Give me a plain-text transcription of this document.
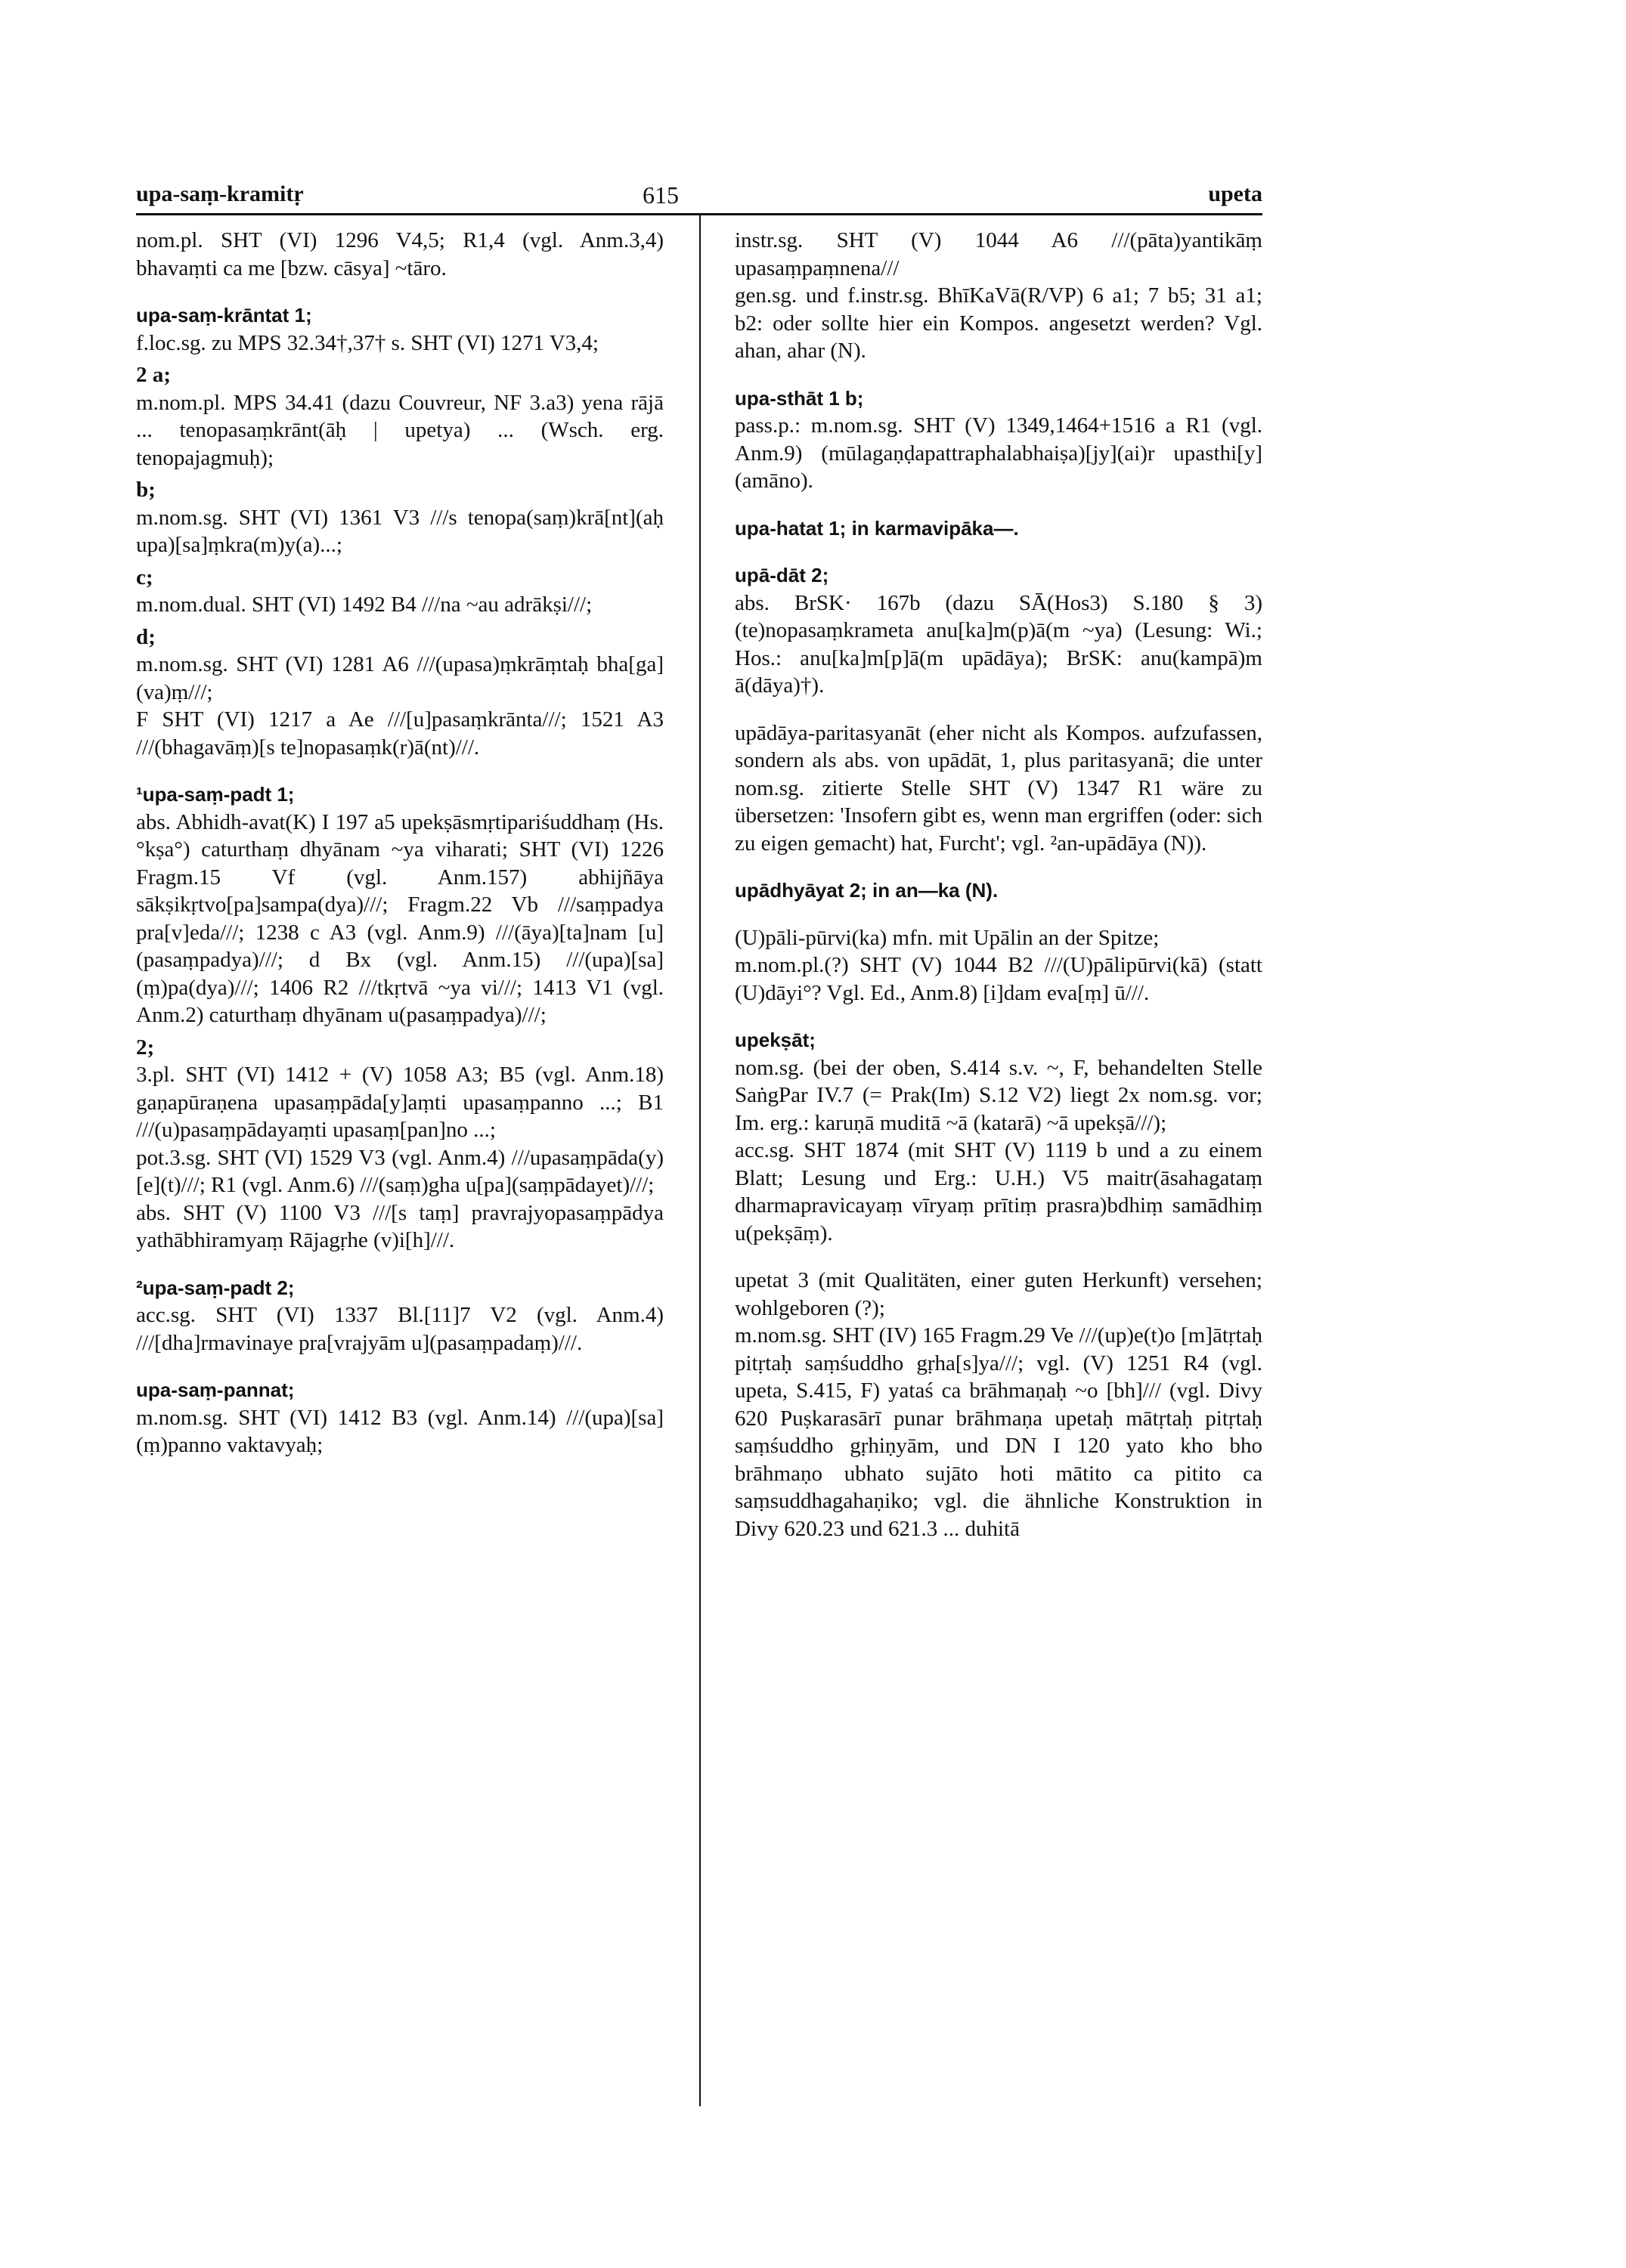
upa-saṃ-kramitṛ	615	upeta

nom.pl. SHT (VI) 1296 V4,5; R1,4 (vgl. Anm.3,4) bhavaṃti ca me [bzw. cāsya] ~tāro.

upa-saṃ-krāntat 1;

f.loc.sg. zu MPS 32.34†,37† s. SHT (VI) 1271 V3,4;

2 a;

m.nom.pl. MPS 34.41 (dazu Couvreur, NF 3.a3) yena rājā ... tenopasaṃkrānt(āḥ | upetya) ... (Wsch. erg. tenopajagmuḥ);

b;

m.nom.sg. SHT (VI) 1361 V3 ///s tenopa(saṃ)krā[nt](aḥ upa)[sa]ṃkra(m)y(a)...;

c;

m.nom.dual. SHT (VI) 1492 B4 ///na ~au adrākṣi///;

d;

m.nom.sg. SHT (VI) 1281 A6 ///(upasa)ṃkrāṃtaḥ bha[ga](va)ṃ///;

F SHT (VI) 1217 a Ae ///[u]pasaṃkrānta///; 1521 A3 ///(bhagavāṃ)[s te]nopasaṃk(r)ā(nt)///.

¹upa-saṃ-padt 1;

abs. Abhidh-avat(K) I 197 a5 upekṣāsmṛtipariśuddhaṃ (Hs. °kṣa°) caturthaṃ dhyānam ~ya viharati; SHT (VI) 1226 Fragm.15 Vf (vgl. Anm.157) abhijñāya sākṣikṛtvo[pa]sampa(dya)///; Fragm.22 Vb ///saṃpadya pra[v]eda///; 1238 c A3 (vgl. Anm.9) ///(āya)[ta]nam [u](pasaṃpadya)///; d Bx (vgl. Anm.15) ///(upa)[sa](ṃ)pa(dya)///; 1406 R2 ///tkṛtvā ~ya vi///; 1413 V1 (vgl. Anm.2) caturthaṃ dhyānam u(pasaṃpadya)///;

2;

3.pl. SHT (VI) 1412 + (V) 1058 A3; B5 (vgl. Anm.18) gaṇapūraṇena upasaṃpāda[y]aṃti upasaṃpanno ...; B1 ///(u)pasaṃpādayaṃti upasaṃ[pan]no ...;

pot.3.sg. SHT (VI) 1529 V3 (vgl. Anm.4) ///upasaṃpāda(y)[e](t)///; R1 (vgl. Anm.6) ///(saṃ)gha u[pa](saṃpādayet)///;

abs. SHT (V) 1100 V3 ///[s taṃ] pravrajyopasaṃpādya yathābhiramyaṃ Rājagṛhe (v)i[h]///.

²upa-saṃ-padt 2;

acc.sg. SHT (VI) 1337 Bl.[11]7 V2 (vgl. Anm.4) ///[dha]rmavinaye pra[vrajyām u](pasaṃpadaṃ)///.

upa-saṃ-pannat;

m.nom.sg. SHT (VI) 1412 B3 (vgl. Anm.14) ///(upa)[sa](ṃ)panno vaktavyaḥ;

instr.sg. SHT (V) 1044 A6 ///(pāta)yantikāṃ upasaṃpaṃnena///

gen.sg. und f.instr.sg. BhīKaVā(R/VP) 6 a1; 7 b5; 31 a1; b2: oder sollte hier ein Kompos. angesetzt werden? Vgl. ahan, ahar (N).

upa-sthāt 1 b;

pass.p.: m.nom.sg. SHT (V) 1349,1464+1516 a R1 (vgl. Anm.9) (mūlagaṇḍapattraphalabhaiṣa)[jy](ai)r upasthi[y](amāno).

upa-hatat 1; in karmavipāka—.
upā-dāt 2;

abs. BrSK· 167b (dazu SĀ(Hos3) S.180 § 3) (te)nopasaṃkrameta anu[ka]m(p)ā(m ~ya) (Lesung: Wi.; Hos.: anu[ka]m[p]ā(m upādāya); BrSK: anu(kampā)m ā(dāya)†).

upādāya-paritasyanāt (eher nicht als Kompos. aufzufassen, sondern als abs. von upādāt, 1, plus paritasyanā; die unter nom.sg. zitierte Stelle SHT (V) 1347 R1 wäre zu übersetzen: 'Insofern gibt es, wenn man ergriffen (oder: sich zu eigen gemacht) hat, Furcht'; vgl. ²an-upādāya (N)).

upādhyāyat 2; in an—ka (N).

(U)pāli-pūrvi(ka) mfn. mit Upālin an der Spitze;

m.nom.pl.(?) SHT (V) 1044 B2 ///(U)pālipūrvi(kā) (statt (U)dāyi°? Vgl. Ed., Anm.8) [i]dam eva[ṃ] ū///.

upekṣāt;

nom.sg. (bei der oben, S.414 s.v. ~, F, behandelten Stelle SaṅgPar IV.7 (= Prak(Im) S.12 V2) liegt 2x nom.sg. vor; Im. erg.: karuṇā muditā ~ā (katarā) ~ā upekṣā///);

acc.sg. SHT 1874 (mit SHT (V) 1119 b und a zu einem Blatt; Lesung und Erg.: U.H.) V5 maitr(āsahagataṃ dharmapravicayaṃ vīryaṃ prītiṃ prasra)bdhiṃ samādhiṃ u(pekṣāṃ).

upetat 3 (mit Qualitäten, einer guten Herkunft) versehen; wohlgeboren (?);

m.nom.sg. SHT (IV) 165 Fragm.29 Ve ///(up)e(t)o [m]ātṛtaḥ pitṛtaḥ saṃśuddho gṛha[s]ya///; vgl. (V) 1251 R4 (vgl. upeta, S.415, F) yataś ca brāhmaṇaḥ ~o [bh]/// (vgl. Divy 620 Puṣkarasārī punar brāhmaṇa upetaḥ mātṛtaḥ pitṛtaḥ saṃśuddho gṛhiṇyām, und DN I 120 yato kho bho brāhmaṇo ubhato sujāto hoti mātito ca pitito ca saṃsuddhagahaṇiko; vgl. die ähnliche Konstruktion in Divy 620.23 und 621.3 ... duhitā
